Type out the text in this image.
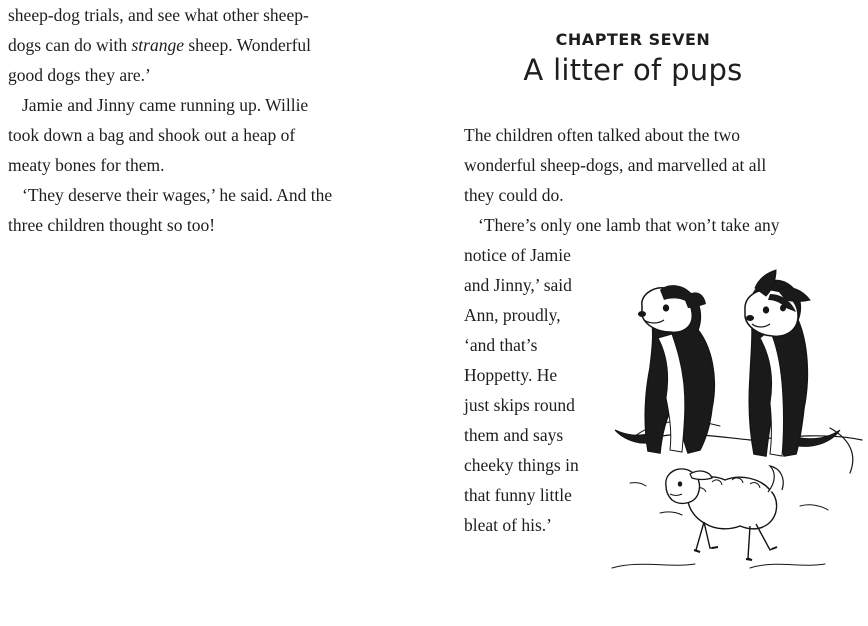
sheep-dog trials, and see what other sheep-
dogs can do with strange sheep. Wonderful
good dogs they are.’

Jamie and Jinny came running up. Willie
took down a bag and shook out a heap of
meaty bones for them.

‘They deserve their wages,’ he said. And the
three children thought so too!

CHAPTER SEVEN
A litter of pups

The children often talked about the two
wonderful sheep-dogs, and marvelled at all
they could do.

‘There’s only one lamb that won’t take any
notice of Jamie
and Jinny,’ said
Ann, proudly,
‘and that’s
Hoppetty. He
just skips round
them and says
cheeky things in
that funny little
bleat of his.’
